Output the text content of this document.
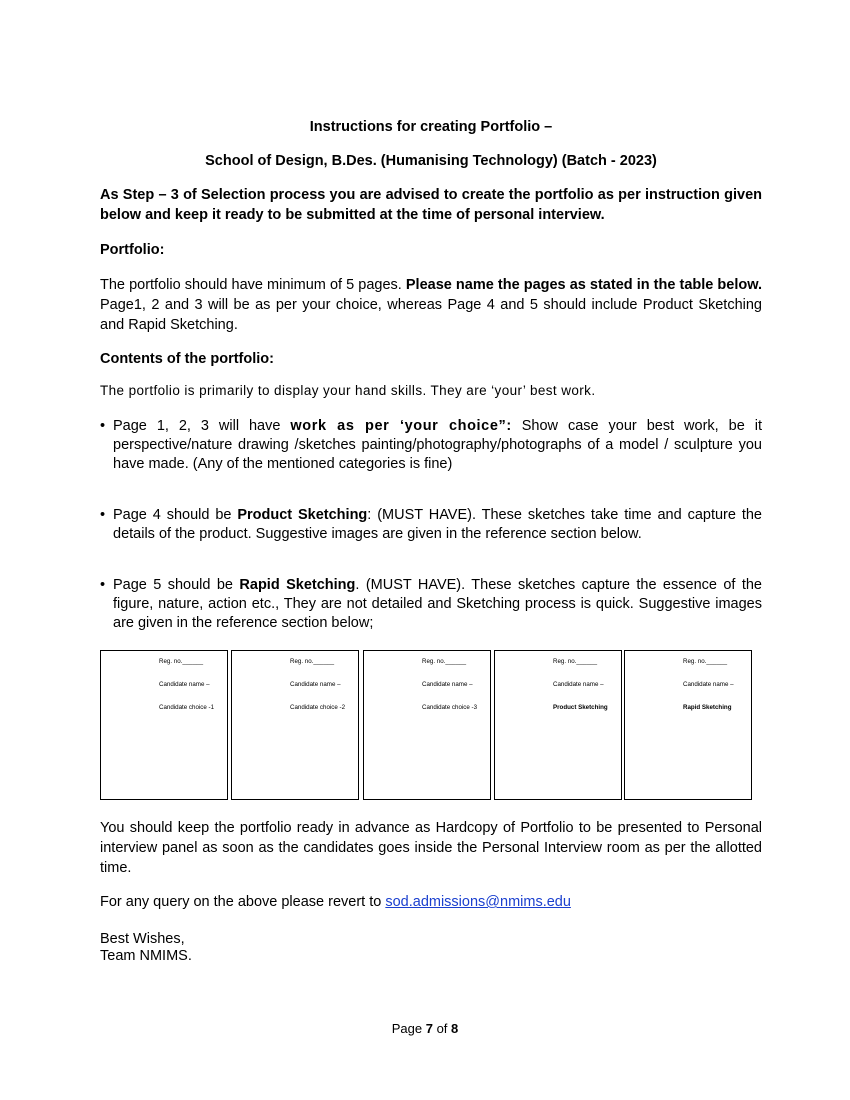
Instructions for creating Portfolio –
School of Design, B.Des. (Humanising Technology) (Batch - 2023)
As Step – 3 of Selection process you are advised to create the portfolio as per instruction given below and keep it ready to be submitted at the time of personal interview.
Portfolio:
The portfolio should have minimum of 5 pages. Please name the pages as stated in the table below. Page1, 2 and 3 will be as per your choice, whereas Page 4 and 5 should include Product Sketching and Rapid Sketching.
Contents of the portfolio:
The portfolio is primarily to display your hand skills. They are ‘your’ best work.
• Page 1, 2, 3 will have work as per ‘your choice”: Show case your best work, be it perspective/nature drawing /sketches painting/photography/photographs of a model / sculpture you have made. (Any of the mentioned categories is fine)
• Page 4 should be Product Sketching: (MUST HAVE). These sketches take time and capture the details of the product. Suggestive images are given in the reference section below.
• Page 5 should be Rapid Sketching. (MUST HAVE). These sketches capture the essence of the figure, nature, action etc., They are not detailed and Sketching process is quick. Suggestive images are given in the reference section below;
Reg. no.______
Candidate name –
Candidate choice -1
Reg. no.______
Candidate name –
Candidate choice -2
Reg. no.______
Candidate name –
Candidate choice -3
Reg. no.______
Candidate name –
Product Sketching
Reg. no.______
Candidate name –
Rapid Sketching
You should keep the portfolio ready in advance as Hardcopy of Portfolio to be presented to Personal interview panel as soon as the candidates goes inside the Personal Interview room as per the allotted time.
For any query on the above please revert to sod.admissions@nmims.edu
Best Wishes,
Team NMIMS.
Page 7 of 8
